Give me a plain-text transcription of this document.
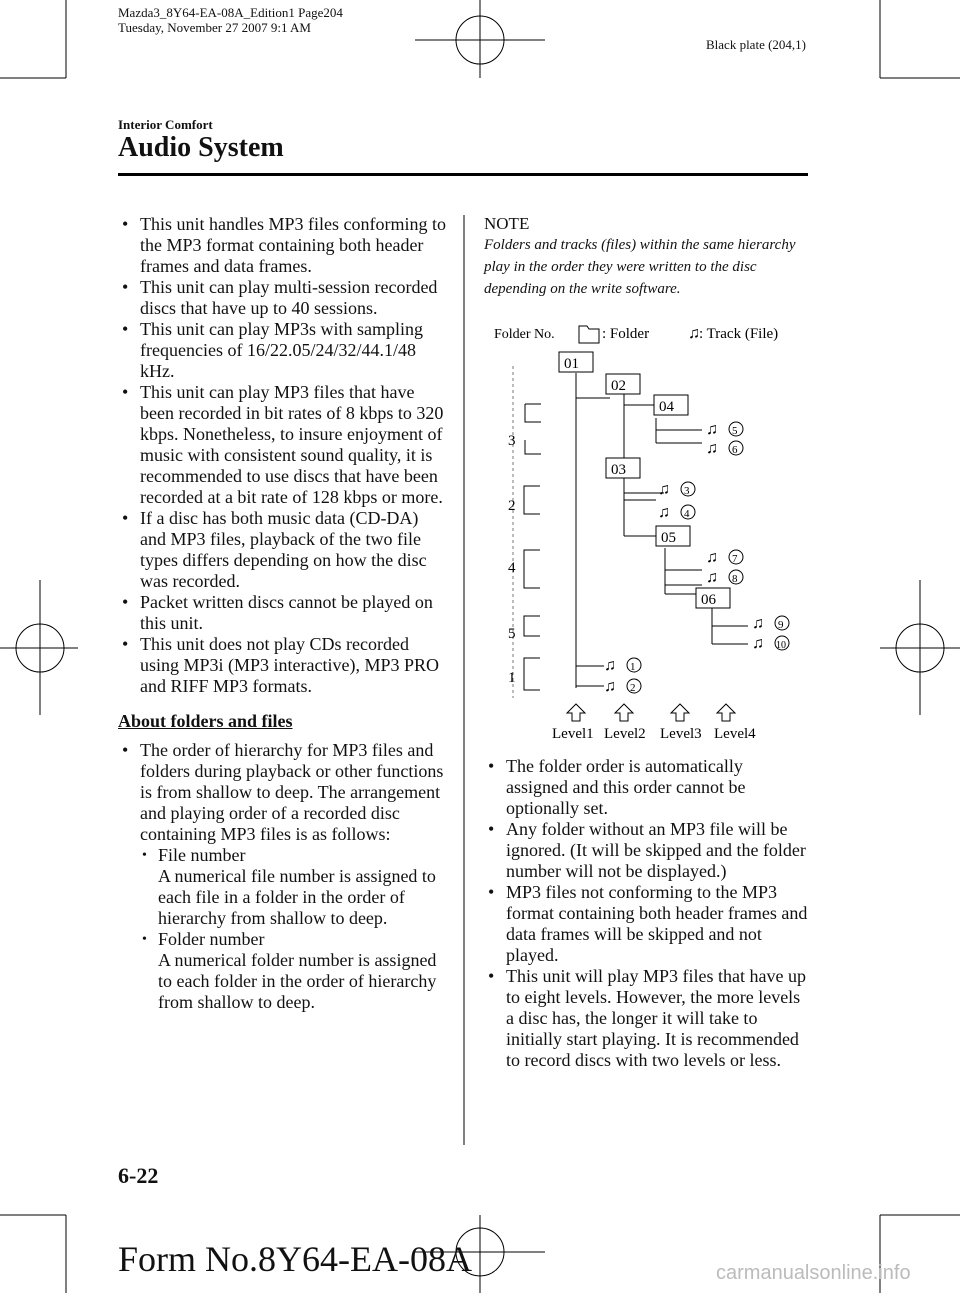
Mazda3_8Y64-EA-08A_Edition1 Page204
Tuesday, November 27 2007 9:1 AM
Black plate (204,1)
Interior Comfort
Audio System

• This unit handles MP3 files conforming to the MP3 format containing both header frames and data frames.

• This unit can play multi-session recorded discs that have up to 40 sessions.

• This unit can play MP3s with sampling frequencies of 16/22.05/24/32/44.1/48 kHz.

• This unit can play MP3 files that have been recorded in bit rates of 8 kbps to 320 kbps. Nonetheless, to insure enjoyment of music with consistent sound quality, it is recommended to use discs that have been recorded at a bit rate of 128 kbps or more.

• If a disc has both music data (CD-DA) and MP3 files, playback of the two file types differs depending on how the disc was recorded.

• Packet written discs cannot be played on this unit.

• This unit does not play CDs recorded using MP3i (MP3 interactive), MP3 PRO and RIFF MP3 formats.

About folders and files

• The order of hierarchy for MP3 files and folders during playback or other functions is from shallow to deep. The arrangement and playing order of a recorded disc containing MP3 files is as follows:

• File number

A numerical file number is assigned to each file in a folder in the order of hierarchy from shallow to deep.

• Folder number

A numerical folder number is assigned to each folder in the order of hierarchy from shallow to deep.

NOTE
Folders and tracks (files) within the same hierarchy play in the order they were written to the disc depending on the write software.
Folder No.	: Folder ♫ : Track (File)
3
2
4
5
1
01
02
04
03
05
06
♫ 5
♫ 6
♫ 3
♫ 4
♫ 7
♫ 8
♫ 9
♫ 10
♫ 1
♫ 2
Level1 Level2 Level3 Level4

• The folder order is automatically assigned and this order cannot be optionally set.

• Any folder without an MP3 file will be ignored. (It will be skipped and the folder number will not be displayed.)

• MP3 files not conforming to the MP3 format containing both header frames and data frames will be skipped and not played.

• This unit will play MP3 files that have up to eight levels. However, the more levels a disc has, the longer it will take to initially start playing. It is recommended to record discs with two levels or less.

6-22
Form No.8Y64-EA-08A	carmanualsonline.info
